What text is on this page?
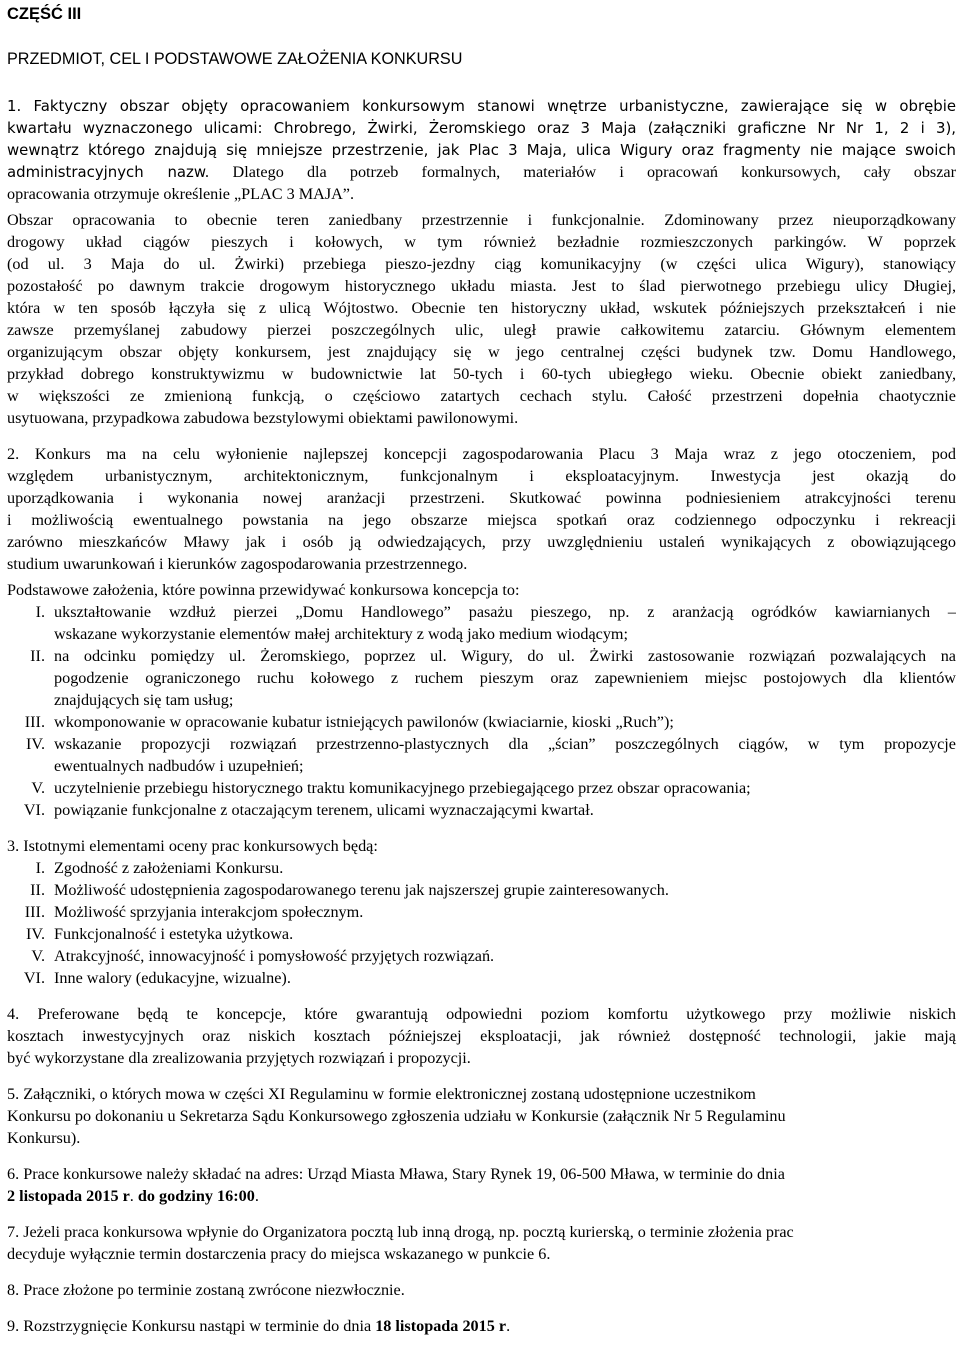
CZĘŚĆ III
PRZEDMIOT, CEL I PODSTAWOWE ZAŁOŻENIA KONKURSU
1. Faktyczny obszar objęty opracowaniem konkursowym stanowi wnętrze urbanistyczne, zawierające się w obrębie
kwartału wyznaczonego ulicami: Chrobrego, Żwirki, Żeromskiego oraz 3 Maja (załączniki graficzne Nr Nr 1, 2 i 3),
wewnątrz którego znajdują się mniejsze przestrzenie, jak Plac 3 Maja, ulica Wigury oraz fragmenty nie mające swoich
administracyjnych nazw. Dlatego dla potrzeb formalnych, materiałów i opracowań konkursowych, cały obszar
opracowania otrzymuje określenie „PLAC 3 MAJA”.
Obszar opracowania to obecnie teren zaniedbany przestrzennie i funkcjonalnie. Zdominowany przez nieuporządkowany
drogowy układ ciągów pieszych i kołowych, w tym również bezładnie rozmieszczonych parkingów. W poprzek
(od ul. 3 Maja do ul. Żwirki) przebiega pieszo-jezdny ciąg komunikacyjny (w części ulica Wigury), stanowiący
pozostałość po dawnym trakcie drogowym historycznego układu miasta. Jest to ślad pierwotnego przebiegu ulicy Długiej,
która w ten sposób łączyła się z ulicą Wójtostwo. Obecnie ten historyczny układ, wskutek późniejszych przekształceń i nie
zawsze przemyślanej zabudowy pierzei poszczególnych ulic, uległ prawie całkowitemu zatarciu. Głównym elementem
organizującym obszar objęty konkursem, jest znajdujący się w jego centralnej części budynek tzw. Domu Handlowego,
przykład dobrego konstruktywizmu w budownictwie lat 50-tych i 60-tych ubiegłego wieku. Obecnie obiekt zaniedbany,
w większości ze zmienioną funkcją, o częściowo zatartych cechach stylu. Całość przestrzeni dopełnia chaotycznie
usytuowana, przypadkowa zabudowa bezstylowymi obiektami pawilonowymi.
2. Konkurs ma na celu wyłonienie najlepszej koncepcji zagospodarowania Placu 3 Maja wraz z jego otoczeniem, pod
względem urbanistycznym, architektonicznym, funkcjonalnym i eksploatacyjnym. Inwestycja jest okazją do
uporządkowania i wykonania nowej aranżacji przestrzeni. Skutkować powinna podniesieniem atrakcyjności terenu
i możliwością ewentualnego powstania na jego obszarze miejsca spotkań oraz codziennego odpoczynku i rekreacji
zarówno mieszkańców Mławy jak i osób ją odwiedzających, przy uwzględnieniu ustaleń wynikających z obowiązującego
studium uwarunkowań i kierunków zagospodarowania przestrzennego.
Podstawowe założenia, które powinna przewidywać konkursowa koncepcja to:
I. ukształtowanie wzdłuż pierzei „Domu Handlowego” pasażu pieszego, np. z aranżacją ogródków kawiarnianych –
wskazane wykorzystanie elementów małej architektury z wodą jako medium wiodącym;
II. na odcinku pomiędzy ul. Żeromskiego, poprzez ul. Wigury, do ul. Żwirki zastosowanie rozwiązań pozwalających na
pogodzenie ograniczonego ruchu kołowego z ruchem pieszym oraz zapewnieniem miejsc postojowych dla klientów
znajdujących się tam usług;
III. wkomponowanie w opracowanie kubatur istniejących pawilonów (kwiaciarnie, kioski „Ruch”);
IV. wskazanie propozycji rozwiązań przestrzenno-plastycznych dla „ścian” poszczególnych ciągów, w tym propozycje
ewentualnych nadbudów i uzupełnień;
V. uczytelnienie przebiegu historycznego traktu komunikacyjnego przebiegającego przez obszar opracowania;
VI. powiązanie funkcjonalne z otaczającym terenem, ulicami wyznaczającymi kwartał.
3. Istotnymi elementami oceny prac konkursowych będą:
I. Zgodność z założeniami Konkursu.
II. Możliwość udostępnienia zagospodarowanego terenu jak najszerszej grupie zainteresowanych.
III. Możliwość sprzyjania interakcjom społecznym.
IV. Funkcjonalność i estetyka użytkowa.
V. Atrakcyjność, innowacyjność i pomysłowość przyjętych rozwiązań.
VI. Inne walory (edukacyjne, wizualne).
4. Preferowane będą te koncepcje, które gwarantują odpowiedni poziom komfortu użytkowego przy możliwie niskich
kosztach inwestycyjnych oraz niskich kosztach późniejszej eksploatacji, jak również dostępność technologii, jakie mają
być wykorzystane dla zrealizowania przyjętych rozwiązań i propozycji.
5. Załączniki, o których mowa w części XI Regulaminu w formie elektronicznej zostaną udostępnione uczestnikom
Konkursu po dokonaniu u Sekretarza Sądu Konkursowego zgłoszenia udziału w Konkursie (załącznik Nr 5 Regulaminu
Konkursu).
6. Prace konkursowe należy składać na adres: Urząd Miasta Mława, Stary Rynek 19, 06-500 Mława, w terminie do dnia
2 listopada 2015 r. do godziny 16:00.
7. Jeżeli praca konkursowa wpłynie do Organizatora pocztą lub inną drogą, np. pocztą kurierską, o terminie złożenia prac
decyduje wyłącznie termin dostarczenia pracy do miejsca wskazanego w punkcie 6.
8. Prace złożone po terminie zostaną zwrócone niezwłocznie.
9. Rozstrzygnięcie Konkursu nastąpi w terminie do dnia 18 listopada 2015 r.
